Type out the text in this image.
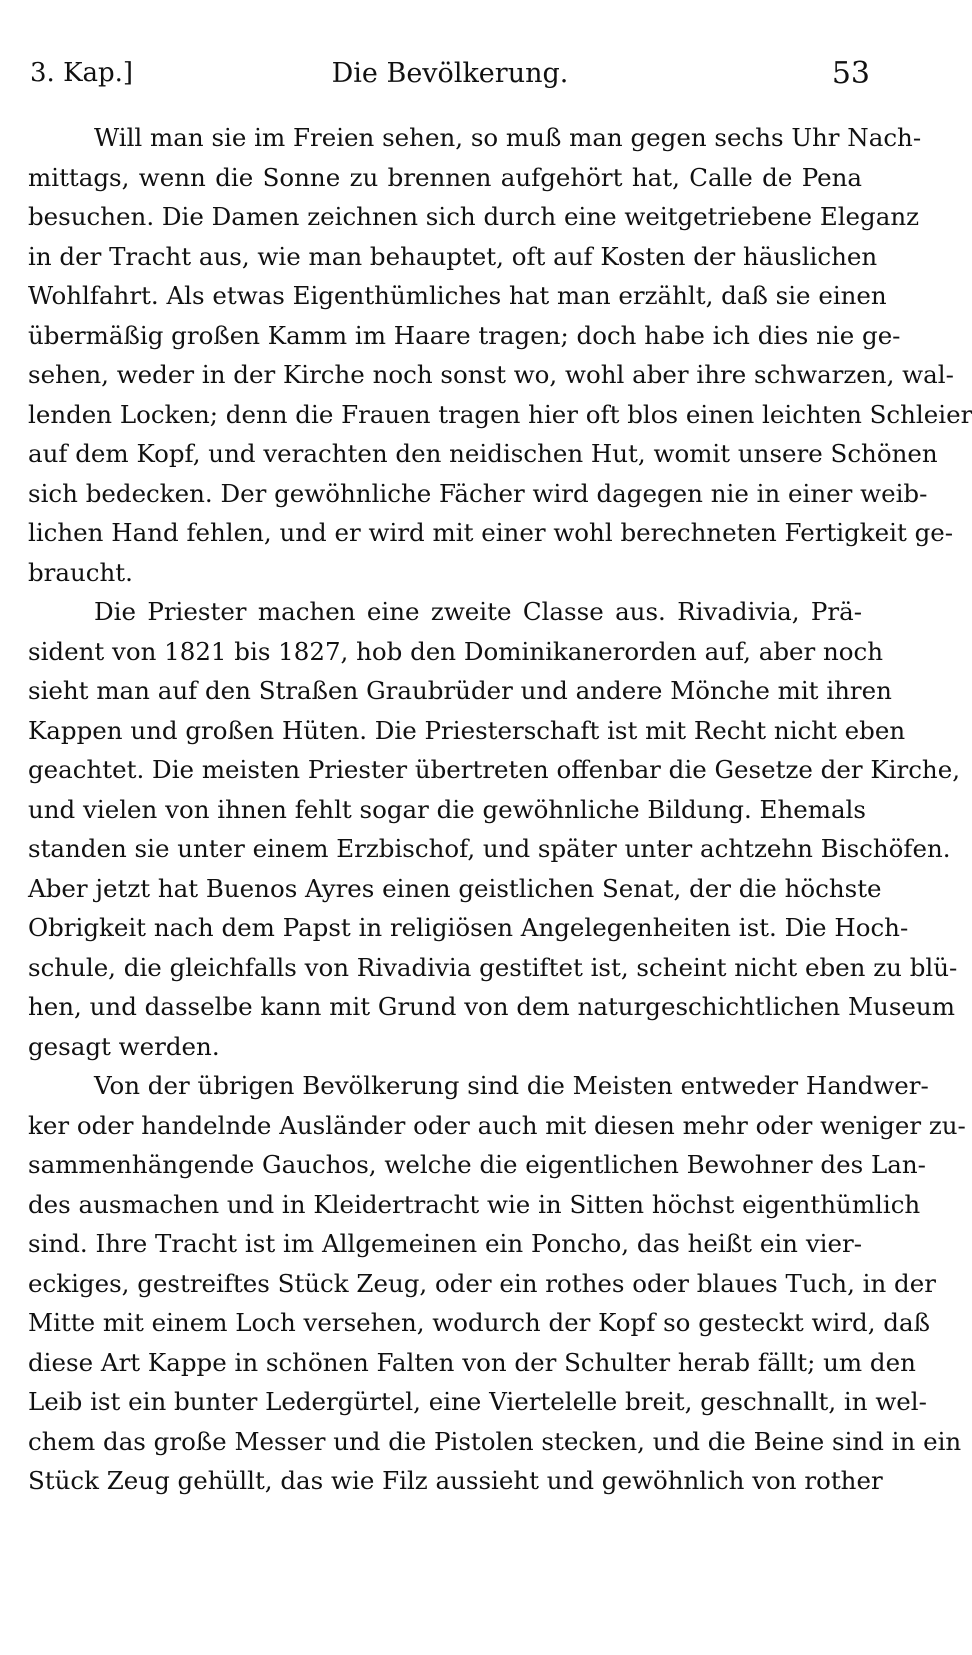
3. Kap.]	Die Bevölkerung.	53
Will man sie im Freien sehen, so muß man gegen sechs Uhr Nach-
mittags, wenn die Sonne zu brennen aufgehört hat, Calle de Pena
besuchen. Die Damen zeichnen sich durch eine weitgetriebene Eleganz
in der Tracht aus, wie man behauptet, oft auf Kosten der häuslichen
Wohlfahrt. Als etwas Eigenthümliches hat man erzählt, daß sie einen
übermäßig großen Kamm im Haare tragen; doch habe ich dies nie ge-
sehen, weder in der Kirche noch sonst wo, wohl aber ihre schwarzen, wal-
lenden Locken; denn die Frauen tragen hier oft blos einen leichten Schleier
auf dem Kopf, und verachten den neidischen Hut, womit unsere Schönen
sich bedecken. Der gewöhnliche Fächer wird dagegen nie in einer weib-
lichen Hand fehlen, und er wird mit einer wohl berechneten Fertigkeit ge-
braucht.
Die Priester machen eine zweite Classe aus. Rivadivia, Prä-
sident von 1821 bis 1827, hob den Dominikanerorden auf, aber noch
sieht man auf den Straßen Graubrüder und andere Mönche mit ihren
Kappen und großen Hüten. Die Priesterschaft ist mit Recht nicht eben
geachtet. Die meisten Priester übertreten offenbar die Gesetze der Kirche,
und vielen von ihnen fehlt sogar die gewöhnliche Bildung. Ehemals
standen sie unter einem Erzbischof, und später unter achtzehn Bischöfen.
Aber jetzt hat Buenos Ayres einen geistlichen Senat, der die höchste
Obrigkeit nach dem Papst in religiösen Angelegenheiten ist. Die Hoch-
schule, die gleichfalls von Rivadivia gestiftet ist, scheint nicht eben zu blü-
hen, und dasselbe kann mit Grund von dem naturgeschichtlichen Museum
gesagt werden.
Von der übrigen Bevölkerung sind die Meisten entweder Handwer-
ker oder handelnde Ausländer oder auch mit diesen mehr oder weniger zu-
sammenhängende Gauchos, welche die eigentlichen Bewohner des Lan-
des ausmachen und in Kleidertracht wie in Sitten höchst eigenthümlich
sind. Ihre Tracht ist im Allgemeinen ein Poncho, das heißt ein vier-
eckiges, gestreiftes Stück Zeug, oder ein rothes oder blaues Tuch, in der
Mitte mit einem Loch versehen, wodurch der Kopf so gesteckt wird, daß
diese Art Kappe in schönen Falten von der Schulter herab fällt; um den
Leib ist ein bunter Ledergürtel, eine Viertelelle breit, geschnallt, in wel-
chem das große Messer und die Pistolen stecken, und die Beine sind in ein
Stück Zeug gehüllt, das wie Filz aussieht und gewöhnlich von rother
